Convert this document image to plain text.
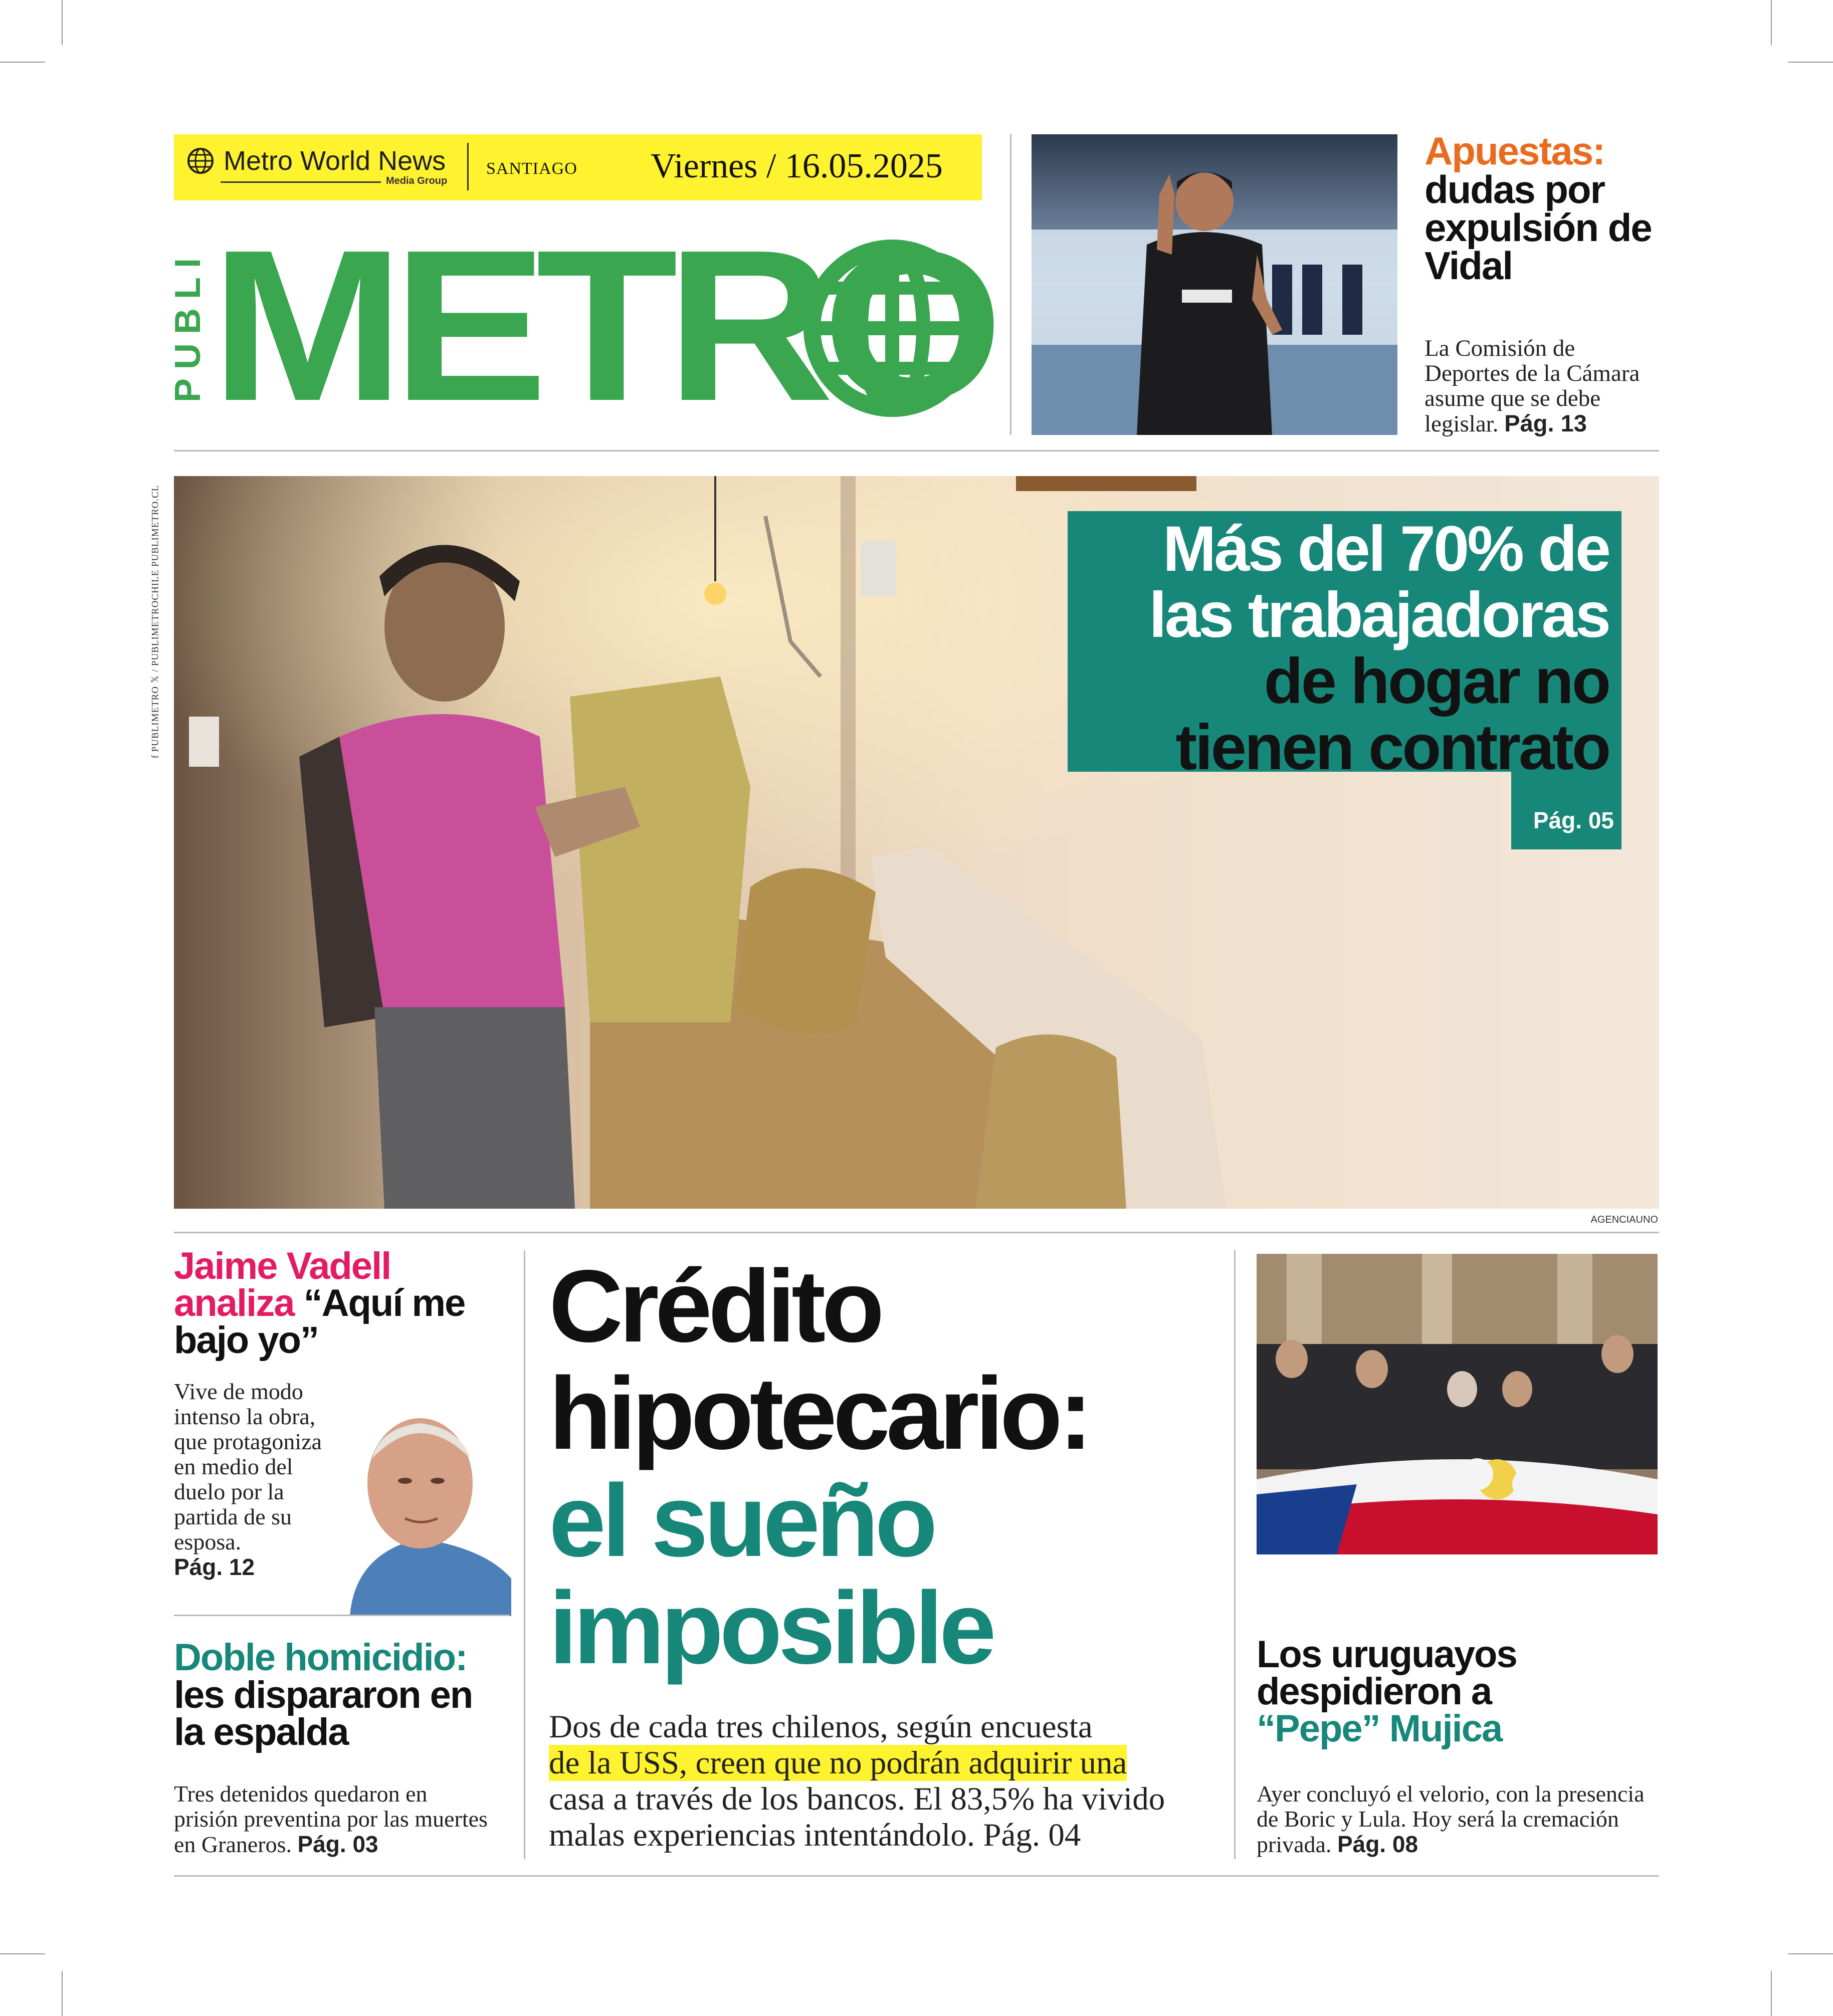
Metro World News
Media Group
SANTIAGO Viernes / 16.05.2025
PUBLI METRO
f PUBLIMETRO 𝕏 / PUBLIMETROCHILE PUBLIMETRO.CL
Apuestas:
dudas por expulsión de Vidal
La Comisión de Deportes de la Cámara asume que se debe legislar. Pág. 13
Más del 70% de
las trabajadoras
de hogar no
tienen contrato
Pág. 05
AGENCIAUNO
Jaime Vadell analiza “Aquí me bajo yo”
Vive de modo intenso la obra, que protagoniza en medio del duelo por la partida de su esposa.
Pág. 12
Doble homicidio:
les dispararon en la espalda
Tres detenidos quedaron en prisión preventina por las muertes en Graneros. Pág. 03
Crédito hipotecario:
el sueño imposible
Dos de cada tres chilenos, según encuesta
de la USS, creen que no podrán adquirir una
casa a través de los bancos. El 83,5% ha vivido malas experiencias intentándolo. Pág. 04
Los uruguayos despidieron a
“Pepe” Mujica
Ayer concluyó el velorio, con la presencia de Boric y Lula. Hoy será la cremación privada. Pág. 08
